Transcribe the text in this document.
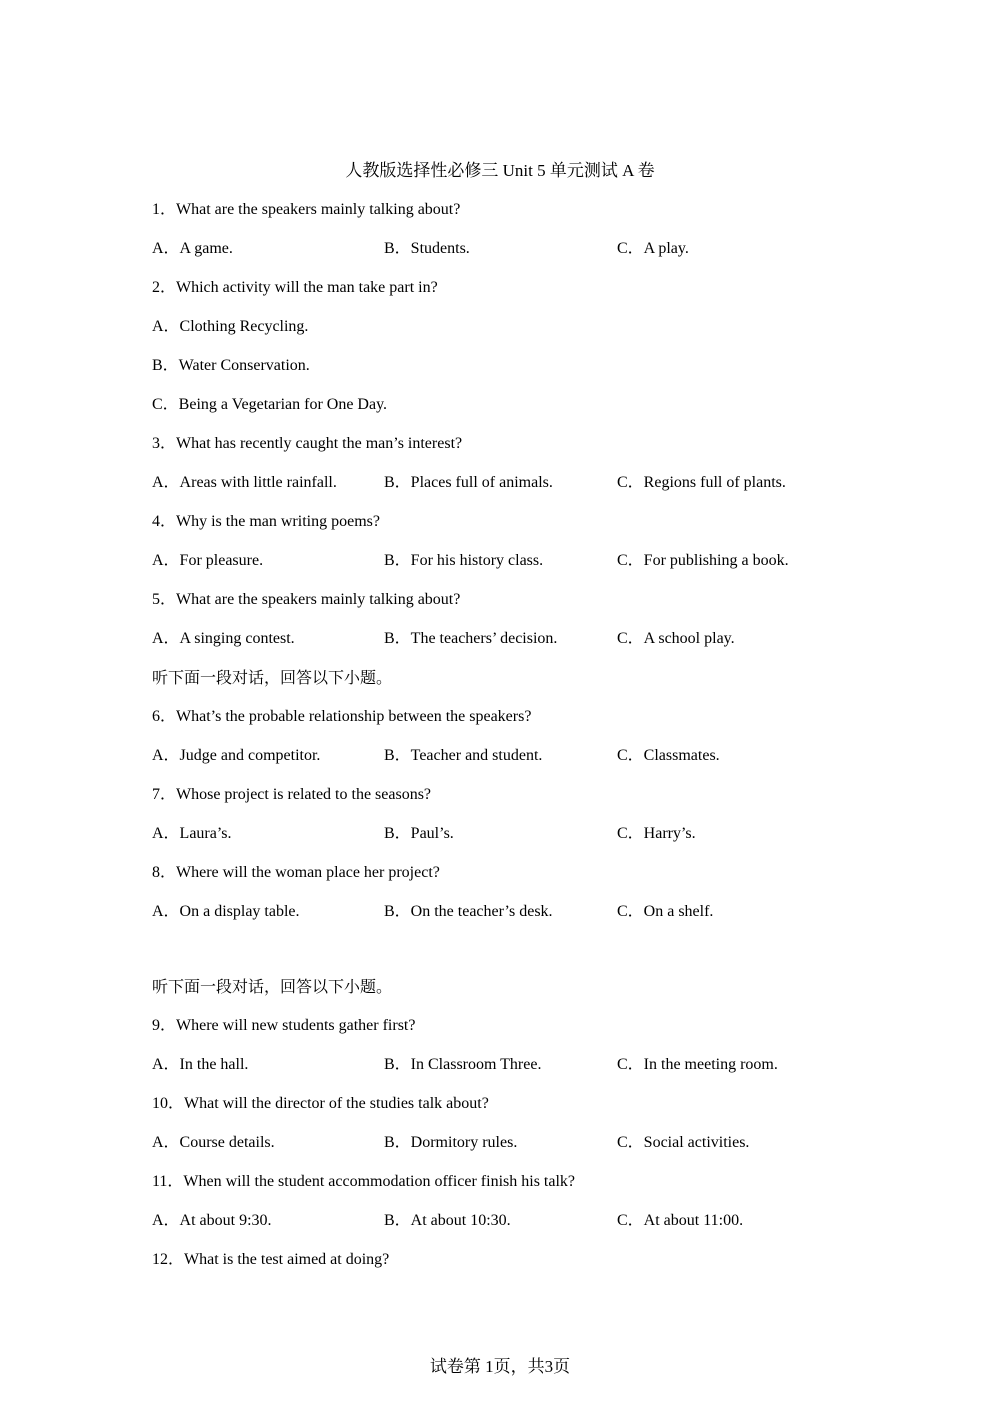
人教版选择性必修三 Unit 5 单元测试 A 卷
1．What are the speakers mainly talking about?
A．A game.	B．Students.	C．A play.
2．Which activity will the man take part in?
A．Clothing Recycling.
B．Water Conservation.
C．Being a Vegetarian for One Day.
3．What has recently caught the man’s interest?
A．Areas with little rainfall.	B．Places full of animals.	C．Regions full of plants.
4．Why is the man writing poems?
A．For pleasure.	B．For his history class.	C．For publishing a book.
5．What are the speakers mainly talking about?
A．A singing contest.	B．The teachers’ decision.	C．A school play.
听下面一段对话，回答以下小题。
6．What’s the probable relationship between the speakers?
A．Judge and competitor.	B．Teacher and student.	C．Classmates.
7．Whose project is related to the seasons?
A．Laura’s.	B．Paul’s.	C．Harry’s.
8．Where will the woman place her project?
A．On a display table.	B．On the teacher’s desk.	C．On a shelf.
听下面一段对话，回答以下小题。
9．Where will new students gather first?
A．In the hall.	B．In Classroom Three.	C．In the meeting room.
10．What will the director of the studies talk about?
A．Course details.	B．Dormitory rules.	C．Social activities.
11．When will the student accommodation officer finish his talk?
A．At about 9:30.	B．At about 10:30.	C．At about 11:00.
12．What is the test aimed at doing?
试卷第 1页，共3页
